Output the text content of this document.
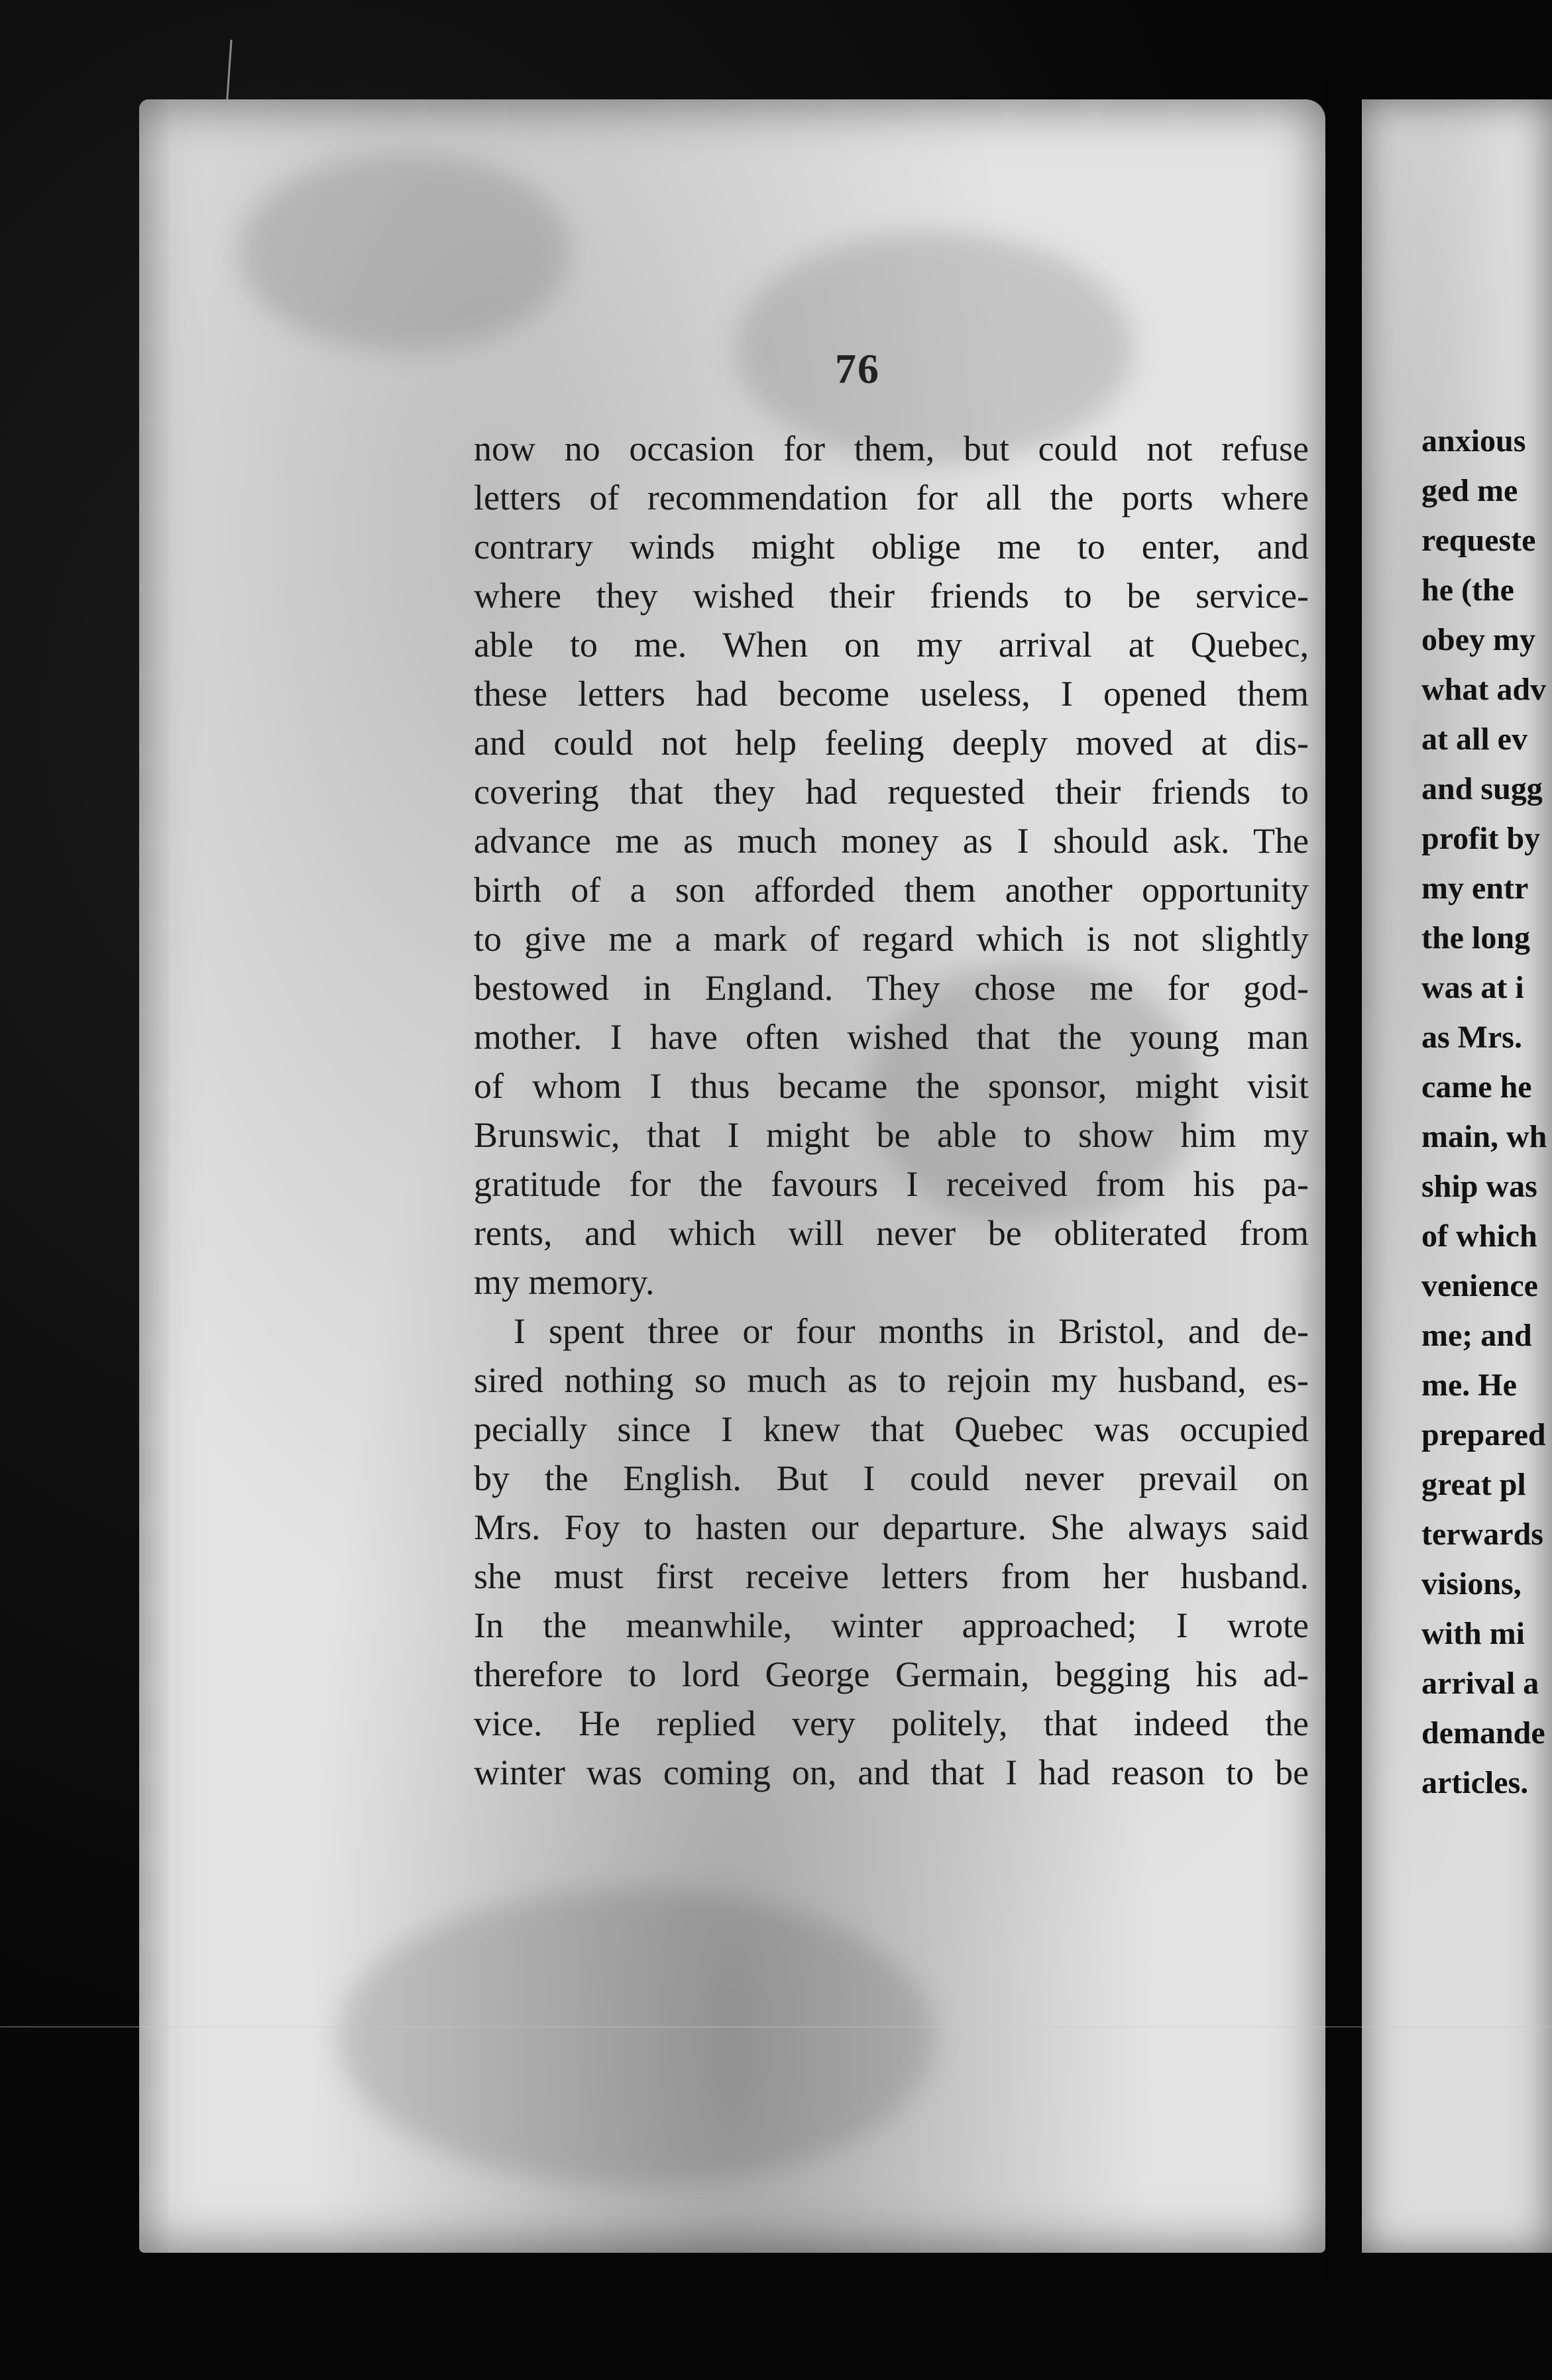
76
now no occasion for them, but could not refuse
letters of recommendation for all the ports where
contrary winds might oblige me to enter, and
where they wished their friends to be service-
able to me. When on my arrival at Quebec,
these letters had become useless, I opened them
and could not help feeling deeply moved at dis-
covering that they had requested their friends to
advance me as much money as I should ask. The
birth of a son afforded them another opportunity
to give me a mark of regard which is not slightly
bestowed in England. They chose me for god-
mother. I have often wished that the young man
of whom I thus became the sponsor, might visit
Brunswic, that I might be able to show him my
gratitude for the favours I received from his pa-
rents, and which will never be obliterated from
my memory.
I spent three or four months in Bristol, and de-
sired nothing so much as to rejoin my husband, es-
pecially since I knew that Quebec was occupied
by the English. But I could never prevail on
Mrs. Foy to hasten our departure. She always said
she must first receive letters from her husband.
In the meanwhile, winter approached; I wrote
therefore to lord George Germain, begging his ad-
vice. He replied very politely, that indeed the
winter was coming on, and that I had reason to be
anxious
ged me
requeste
he (the
obey my
what adv
at all ev
and sugg
profit by
my entr
the long
was at i
as Mrs.
came he
main, wh
ship was
of which
venience
me; and
me. He
prepared
great pl
terwards
visions,
with mi
arrival a
demande
articles.
